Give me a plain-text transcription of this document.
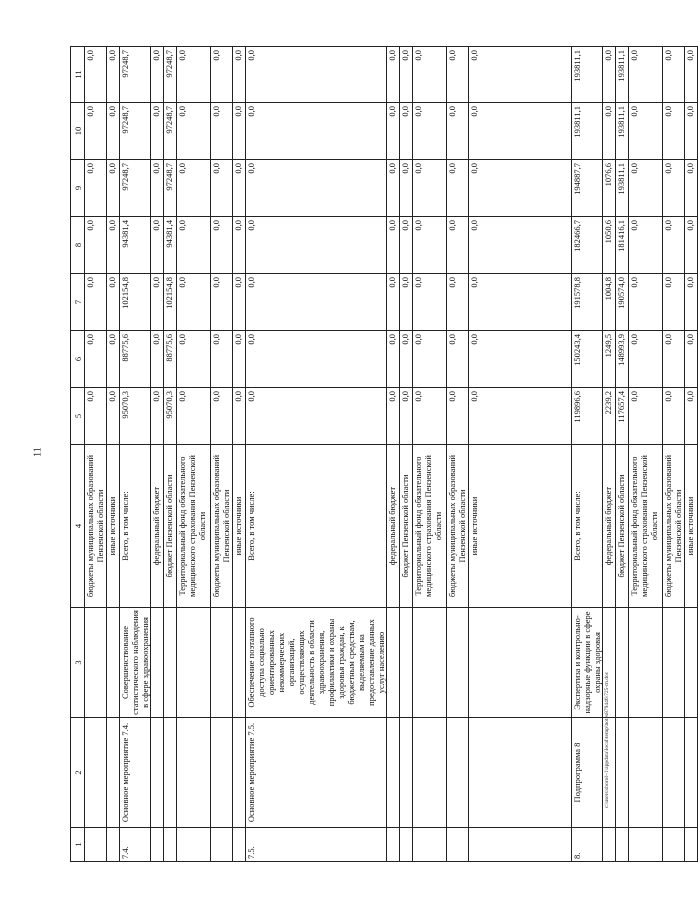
11
1	2	3	4	5	6	7	8	9	10	11
			бюджеты муниципальных образований Пензенской области	0,0	0,0	0,0	0,0	0,0	0,0	0,0
			иные источники	0,0	0,0	0,0	0,0	0,0	0,0	0,0
7.4.	Основное мероприятие 7.4.	Совершенствование статистического наблюдения в сфере здравоохранения	Всего, в том числе:	95070,3	88775,6	102154,8	94381,4	97248,7	97248,7	97248,7
			федеральный бюджет	0,0	0,0	0,0	0,0	0,0	0,0	0,0
			бюджет Пензенской области	95070,3	88775,6	102154,8	94381,4	97248,7	97248,7	97248,7
			Территориальный фонд обязательного медицинского страхования Пензенской области	0,0	0,0	0,0	0,0	0,0	0,0	0,0
			бюджеты муниципальных образований Пензенской области	0,0	0,0	0,0	0,0	0,0	0,0	0,0
			иные источники	0,0	0,0	0,0	0,0	0,0	0,0	0,0
7.5.	Основное мероприятие 7.5.	Обеспечение поэтапного доступа социально ориентированных некоммерческих организаций, осуществляющих деятельность в области здравоохранения, профилактики и охраны здоровья граждан, к бюджетным средствам, выделяемым на предоставление данных услуг населению	Всего, в том числе:	0,0	0,0	0,0	0,0	0,0	0,0	0,0
			федеральный бюджет	0,0	0,0	0,0	0,0	0,0	0,0	0,0
			бюджет Пензенской области	0,0	0,0	0,0	0,0	0,0	0,0	0,0
			Территориальный фонд обязательного медицинского страхования Пензенской области	0,0	0,0	0,0	0,0	0,0	0,0	0,0
			бюджеты муниципальных образований Пензенской области	0,0	0,0	0,0	0,0	0,0	0,0	0,0
			иные источники	0,0	0,0	0,0	0,0	0,0	0,0	0,0
8.	Подпрограмма 8	Экспертиза и контрольно-надзорные функции в сфере охраны здоровья	Всего, в том числе:	119896,6	150243,4	191578,8	182466,7	194887,7	193811,1	193811,1
			федеральный бюджет	2239,2	1249,5	1004,8	1050,6	1076,6	0,0	0,0
			бюджет Пензенской области	117657,4	148993,9	190574,0	181416,1	193811,1	193811,1	193811,1
			Территориальный фонд обязательного медицинского страхования Пензенской области	0,0	0,0	0,0	0,0	0,0	0,0	0,0
			бюджеты муниципальных образований Пензенской области	0,0	0,0	0,0	0,0	0,0	0,0	0,0
			иные источники	0,0	0,0	0,0	0,0	0,0	0,0	0,0
c:\users\sborol~1\appdata\local\temp\notes879446\725-rn.doc
